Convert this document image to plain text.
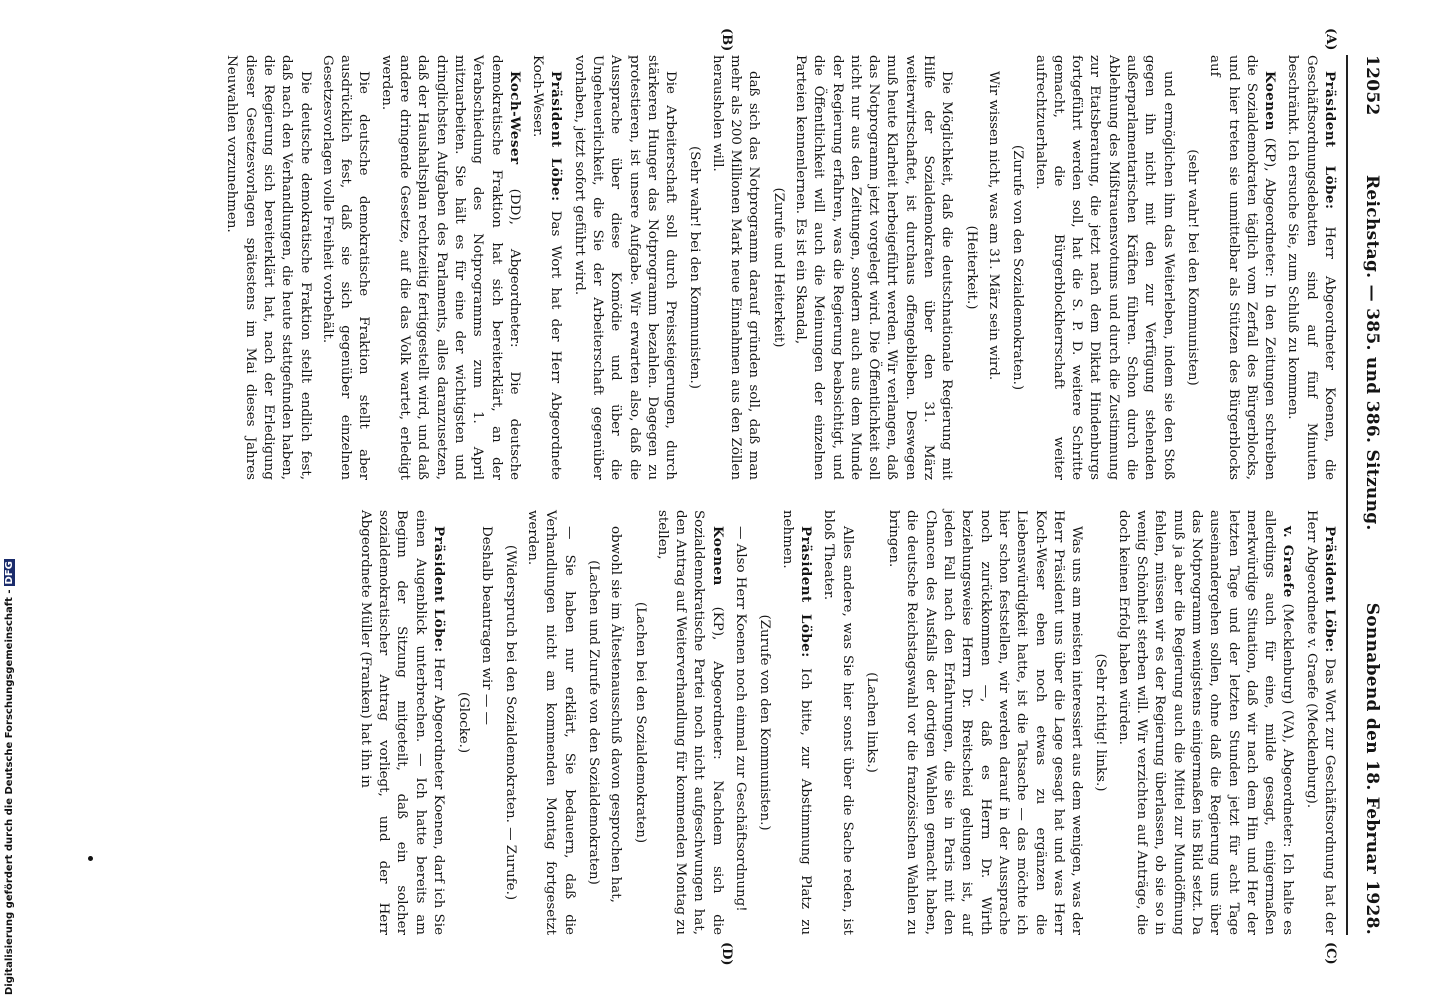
12052
Reichstag. — 385. und 386. Sitzung.
Sonnabend den 18. Februar 1928.
(A)
(B)
(C)
(D)

Präsident Löbe: Herr Abgeordneter Koenen, die Geschäftsordnungsdebatten sind auf fünf Minuten beschränkt. Ich ersuche Sie, zum Schluß zu kommen.

Koenen (KP), Abgeordneter: In den Zeitungen schreiben die Sozialdemokraten täglich vom Zerfall des Bürgerblocks, und hier treten sie unmittelbar als Stützen des Bürgerblocks auf

(sehr wahr! bei den Kommunisten)

und ermöglichen ihm das Weiterleben, indem sie den Stoß gegen ihn nicht mit den zur Verfügung stehenden außerparlamentarischen Kräften führen. Schon durch die Ablehnung des Mißtrauensvotums und durch die Zustimmung zur Etatsberatung, die jetzt nach dem Diktat Hindenburgs fortgeführt werden soll, hat die S. P. D. weitere Schritte gemacht, die Bürgerblockherrschaft weiter aufrechtzuerhalten.

(Zurufe von den Sozialdemokraten.)

Wir wissen nicht, was am 31. März sein wird.

(Heiterkeit.)

Die Möglichkeit, daß die deutschnationale Regierung mit Hilfe der Sozialdemokraten über den 31. März weiterwirtschaftet, ist durchaus offengeblieben. Deswegen muß heute Klarheit herbeigeführt werden. Wir verlangen, daß das Notprogramm jetzt vorgelegt wird. Die Öffentlichkeit soll nicht nur aus den Zeitungen, sondern auch aus dem Munde der Regierung erfahren, was die Regierung beabsichtigt, und die Öffentlichkeit will auch die Meinungen der einzelnen Parteien kennenlernen. Es ist ein Skandal,

(Zurufe und Heiterkeit)

daß sich das Notprogramm darauf gründen soll, daß man mehr als 200 Millionen Mark neue Einnahmen aus den Zöllen herausholen will.

(Sehr wahr! bei den Kommunisten.)

Die Arbeiterschaft soll durch Preissteigerungen, durch stärkeren Hunger das Notprogramm bezahlen. Dagegen zu protestieren, ist unsere Aufgabe. Wir erwarten also, daß die Aussprache über diese Komödie und über die Ungeheuerlichkeit, die Sie der Arbeiterschaft gegenüber vorhaben, jetzt sofort geführt wird.

Präsident Löbe: Das Wort hat der Herr Abgeordnete Koch-Weser.

Koch-Weser (DD), Abgeordneter: Die deutsche demokratische Fraktion hat sich bereiterklärt, an der Verabschiedung des Notprogramms zum 1. April mitzuarbeiten. Sie hält es für eine der wichtigsten und dringlichsten Aufgaben des Parlaments, alles daranzusetzen, daß der Haushaltsplan rechtzeitig fertiggestellt wird, und daß andere dringende Gesetze, auf die das Volk wartet, erledigt werden.

Die deutsche demokratische Fraktion stellt aber ausdrücklich fest, daß sie sich gegenüber einzelnen Gesetzesvorlagen volle Freiheit vorbehält.

Die deutsche demokratische Fraktion stellt endlich fest, daß nach den Verhandlungen, die heute stattgefunden haben, die Regierung sich bereiterklärt hat, nach der Erledigung dieser Gesetzesvorlagen spätestens im Mai dieses Jahres Neuwahlen vorzunehmen.

Präsident Löbe: Das Wort zur Geschäftsordnung hat der Herr Abgeordnete v. Graefe (Mecklenburg).

v. Graefe (Mecklenburg) (VA), Abgeordneter: Ich halte es allerdings auch für eine, milde gesagt, einigermaßen merkwürdige Situation, daß wir nach dem Hin und Her der letzten Tage und der letzten Stunden jetzt für acht Tage auseinandergehen sollen, ohne daß die Regierung uns über das Notprogramm wenigstens einigermaßen ins Bild setzt. Da muß ja aber die Regierung auch die Mittel zur Mundöffnung fehlen, müssen wir es der Regierung überlassen, ob sie so in wenig Schönheit sterben will. Wir verzichten auf Anträge, die doch keinen Erfolg haben würden.

(Sehr richtig! links.)

Was uns am meisten interessiert aus dem wenigen, was der Herr Präsident uns über die Lage gesagt hat und was Herr Koch-Weser eben noch etwas zu ergänzen die Liebenswürdigkeit hatte, ist die Tatsache — das möchte ich hier schon feststellen, wir werden darauf in der Aussprache noch zurückkommen —, daß es Herrn Dr. Wirth beziehungsweise Herrn Dr. Breitscheid gelungen ist, auf jeden Fall nach den Erfahrungen, die sie in Paris mit den Chancen des Ausfalls der dortigen Wahlen gemacht haben, die deutsche Reichstagswahl vor die französischen Wahlen zu bringen.

(Lachen links.)

Alles andere, was Sie hier sonst über die Sache reden, ist bloß Theater.

Präsident Löbe: Ich bitte, zur Abstimmung Platz zu nehmen.

(Zurufe von den Kommunisten.)

— Also Herr Koenen noch einmal zur Geschäftsordnung!

Koenen (KP), Abgeordneter: Nachdem sich die Sozialdemokratische Partei noch nicht aufgeschwungen hat, den Antrag auf Weiterverhandlung für kommenden Montag zu stellen,

(Lachen bei den Sozialdemokraten)

obwohl sie im Ältestenausschuß davon gesprochen hat,

(Lachen und Zurufe von den Sozialdemokraten)

— Sie haben nur erklärt, Sie bedauern, daß die Verhandlungen nicht am kommenden Montag fortgesetzt werden.

(Widerspruch bei den Sozialdemokraten. — Zurufe.)

Deshalb beantragen wir — —

(Glocke.)

Präsident Löbe: Herr Abgeordneter Koenen, darf ich Sie einen Augenblick unterbrechen. — Ich hatte bereits am Beginn der Sitzung mitgeteilt, daß ein solcher sozialdemokratischer Antrag vorliegt, und der Herr Abgeordnete Müller (Franken) hat ihn in

Digitalisierung gefördert durch die Deutsche Forschungsgemeinschaft -DFG
